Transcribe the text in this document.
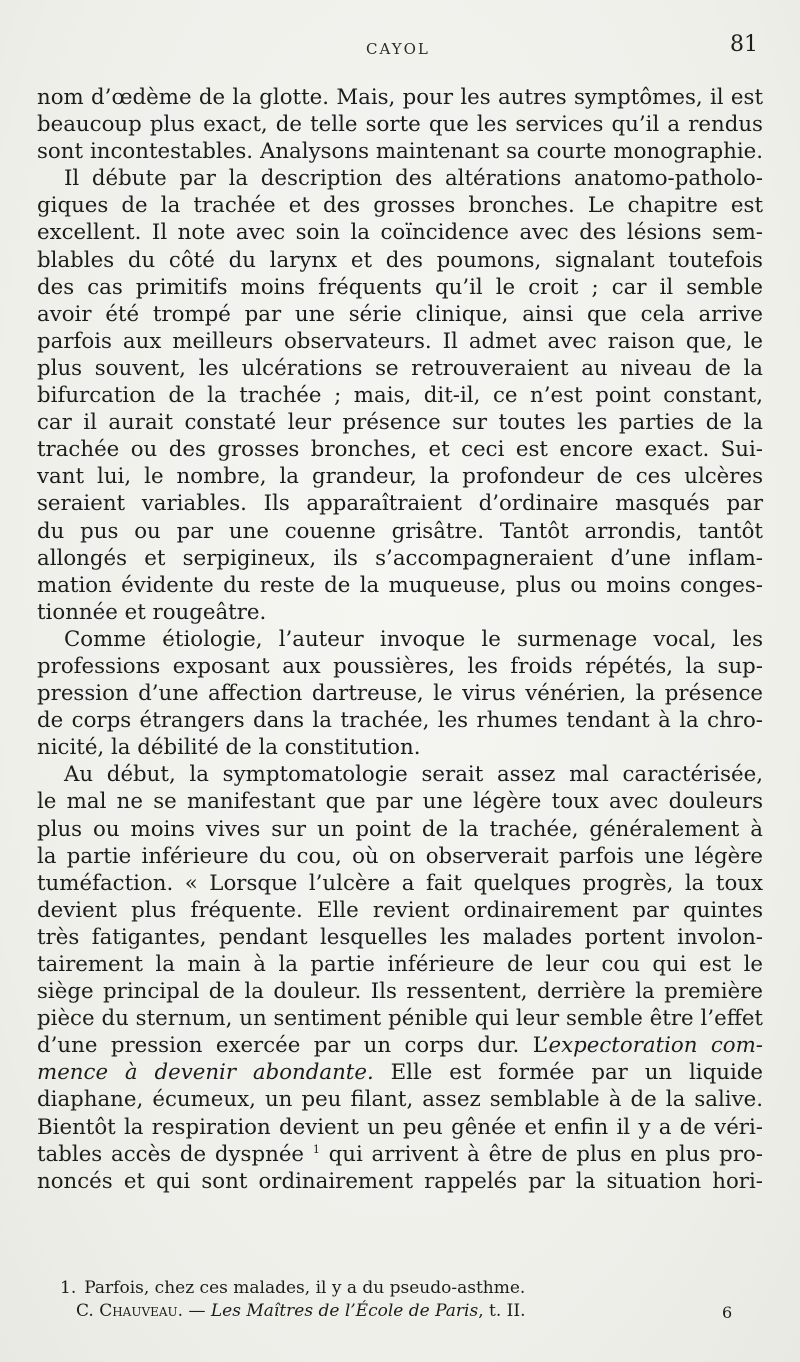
CAYOL	81
nom d’œdème de la glotte. Mais, pour les autres symptômes, il est
beaucoup plus exact, de telle sorte que les services qu’il a rendus
sont incontestables. Analysons maintenant sa courte monographie.
Il débute par la description des altérations anatomo-patholo-
giques de la trachée et des grosses bronches. Le chapitre est
excellent. Il note avec soin la coïncidence avec des lésions sem-
blables du côté du larynx et des poumons, signalant toutefois
des cas primitifs moins fréquents qu’il le croit ; car il semble
avoir été trompé par une série clinique, ainsi que cela arrive
parfois aux meilleurs observateurs. Il admet avec raison que, le
plus souvent, les ulcérations se retrouveraient au niveau de la
bifurcation de la trachée ; mais, dit-il, ce n’est point constant,
car il aurait constaté leur présence sur toutes les parties de la
trachée ou des grosses bronches, et ceci est encore exact. Sui-
vant lui, le nombre, la grandeur, la profondeur de ces ulcères
seraient variables. Ils apparaîtraient d’ordinaire masqués par
du pus ou par une couenne grisâtre. Tantôt arrondis, tantôt
allongés et serpigineux, ils s’accompagneraient d’une inflam-
mation évidente du reste de la muqueuse, plus ou moins conges-
tionnée et rougeâtre.
Comme étiologie, l’auteur invoque le surmenage vocal, les
professions exposant aux poussières, les froids répétés, la sup-
pression d’une affection dartreuse, le virus vénérien, la présence
de corps étrangers dans la trachée, les rhumes tendant à la chro-
nicité, la débilité de la constitution.
Au début, la symptomatologie serait assez mal caractérisée,
le mal ne se manifestant que par une légère toux avec douleurs
plus ou moins vives sur un point de la trachée, généralement à
la partie inférieure du cou, où on observerait parfois une légère
tuméfaction. « Lorsque l’ulcère a fait quelques progrès, la toux
devient plus fréquente. Elle revient ordinairement par quintes
très fatigantes, pendant lesquelles les malades portent involon-
tairement la main à la partie inférieure de leur cou qui est le
siège principal de la douleur. Ils ressentent, derrière la première
pièce du sternum, un sentiment pénible qui leur semble être l’effet
d’une pression exercée par un corps dur. L’expectoration com-
mence à devenir abondante. Elle est formée par un liquide
diaphane, écumeux, un peu filant, assez semblable à de la salive.
Bientôt la respiration devient un peu gênée et enfin il y a de véri-
tables accès de dyspnée $^1$ qui arrivent à être de plus en plus pro-
noncés et qui sont ordinairement rappelés par la situation hori-
1. Parfois, chez ces malades, il y a du pseudo-asthme.
C. Chauveau. — Les Maîtres de l’École de Paris, t. II.	6
